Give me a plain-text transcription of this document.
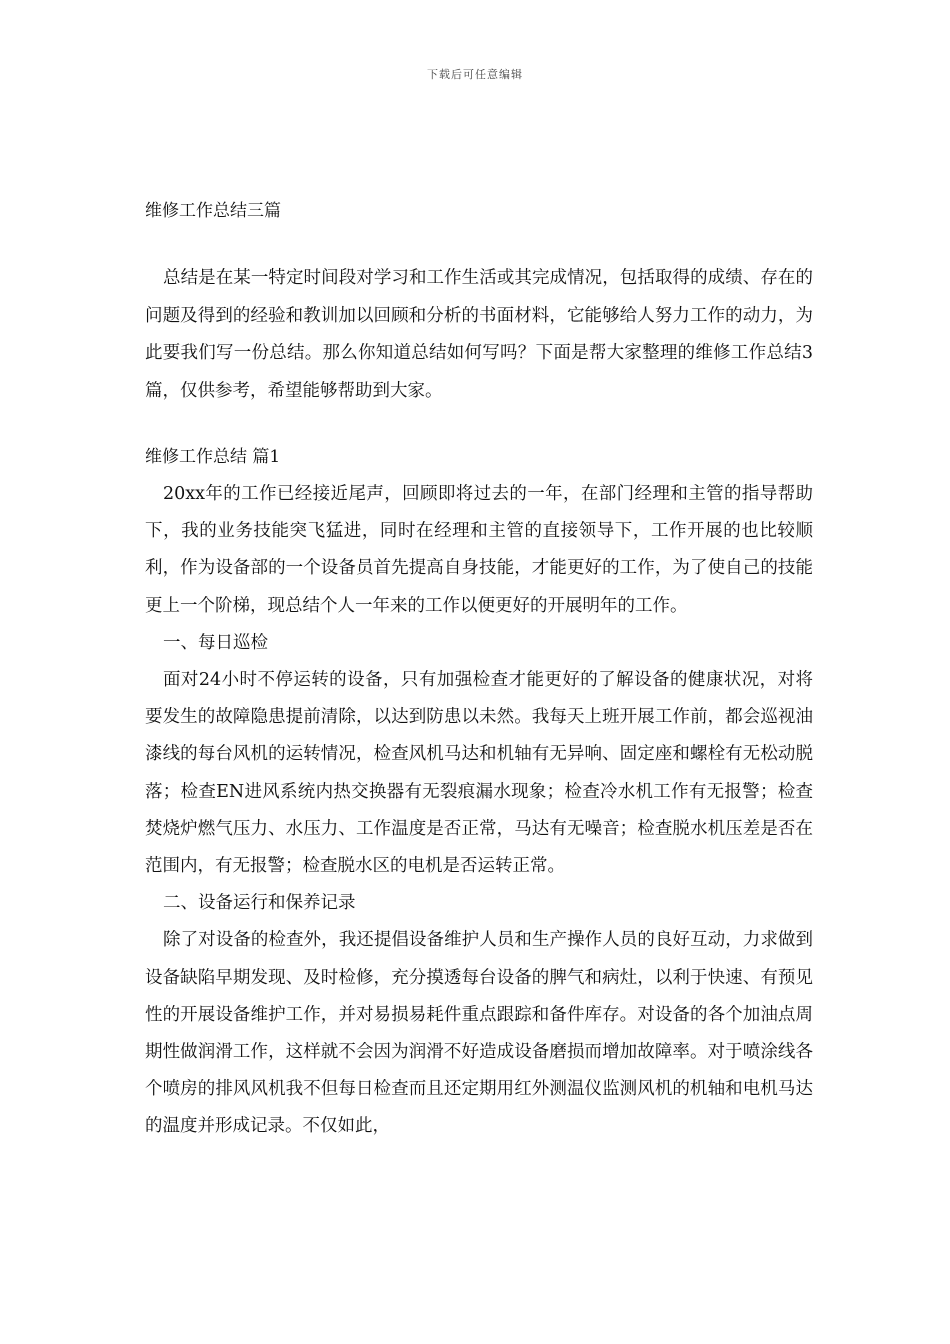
下载后可任意编辑
维修工作总结三篇
总结是在某一特定时间段对学习和工作生活或其完成情况，包括取得的成绩、存在的问题及得到的经验和教训加以回顾和分析的书面材料，它能够给人努力工作的动力，为此要我们写一份总结。那么你知道总结如何写吗？下面是帮大家整理的维修工作总结3篇，仅供参考，希望能够帮助到大家。
维修工作总结 篇1

20xx年的工作已经接近尾声，回顾即将过去的一年，在部门经理和主管的指导帮助下，我的业务技能突飞猛进，同时在经理和主管的直接领导下，工作开展的也比较顺利，作为设备部的一个设备员首先提高自身技能，才能更好的工作，为了使自己的技能更上一个阶梯，现总结个人一年来的工作以便更好的开展明年的工作。

一、每日巡检

面对24小时不停运转的设备，只有加强检查才能更好的了解设备的健康状况，对将要发生的故障隐患提前清除，以达到防患以未然。我每天上班开展工作前，都会巡视油漆线的每台风机的运转情况，检查风机马达和机轴有无异响、固定座和螺栓有无松动脱落；检查EN进风系统内热交换器有无裂痕漏水现象；检查冷水机工作有无报警；检查焚烧炉燃气压力、水压力、工作温度是否正常，马达有无噪音；检查脱水机压差是否在范围内，有无报警；检查脱水区的电机是否运转正常。

二、设备运行和保养记录

除了对设备的检查外，我还提倡设备维护人员和生产操作人员的良好互动，力求做到设备缺陷早期发现、及时检修，充分摸透每台设备的脾气和病灶，以利于快速、有预见性的开展设备维护工作，并对易损易耗件重点跟踪和备件库存。对设备的各个加油点周期性做润滑工作，这样就不会因为润滑不好造成设备磨损而增加故障率。对于喷涂线各个喷房的排风风机我不但每日检查而且还定期用红外测温仪监测风机的机轴和电机马达的温度并形成记录。不仅如此，
